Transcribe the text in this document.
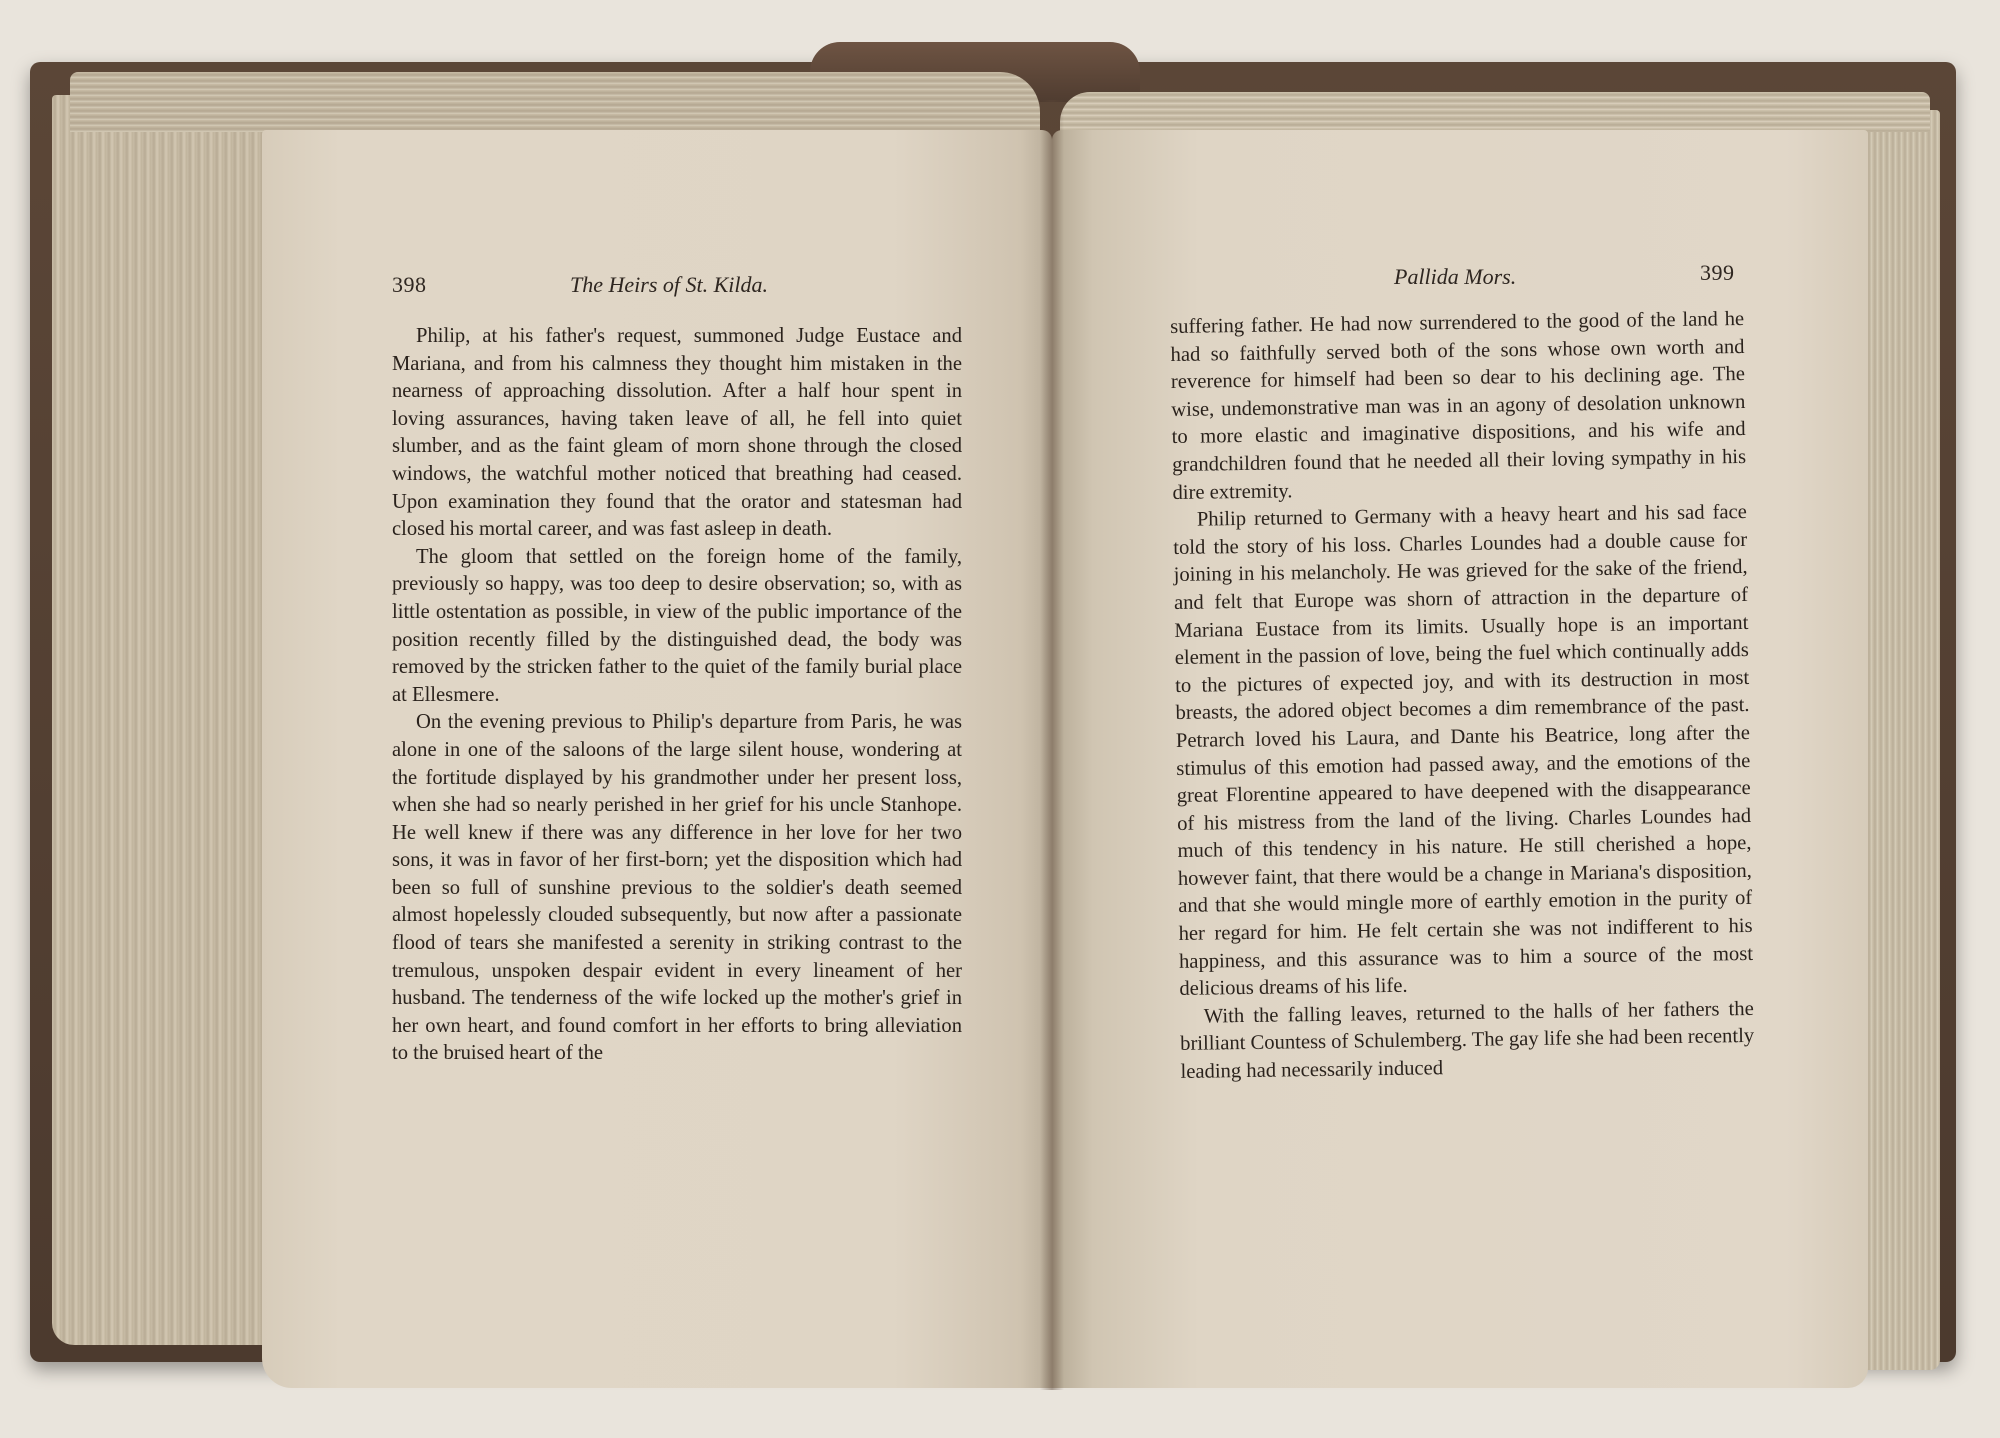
398	The Heirs of St. Kilda.	Pallida Mors.	399

Philip, at his father's request, summoned Judge Eustace and Mariana, and from his calmness they thought him mistaken in the nearness of approaching dissolution. After a half hour spent in loving assurances, having taken leave of all, he fell into quiet slumber, and as the faint gleam of morn shone through the closed windows, the watchful mother noticed that breathing had ceased. Upon examination they found that the orator and statesman had closed his mortal career, and was fast asleep in death.

The gloom that settled on the foreign home of the family, previously so happy, was too deep to desire observation; so, with as little ostentation as possible, in view of the public importance of the position recently filled by the distinguished dead, the body was removed by the stricken father to the quiet of the family burial place at Ellesmere.

On the evening previous to Philip's departure from Paris, he was alone in one of the saloons of the large silent house, wondering at the fortitude displayed by his grandmother under her present loss, when she had so nearly perished in her grief for his uncle Stanhope. He well knew if there was any difference in her love for her two sons, it was in favor of her first-born; yet the disposition which had been so full of sunshine previous to the soldier's death seemed almost hopelessly clouded subsequently, but now after a passionate flood of tears she manifested a serenity in striking contrast to the tremulous, unspoken despair evident in every lineament of her husband. The tenderness of the wife locked up the mother's grief in her own heart, and found comfort in her efforts to bring alleviation to the bruised heart of the

suffering father. He had now surrendered to the good of the land he had so faithfully served both of the sons whose own worth and reverence for himself had been so dear to his declining age. The wise, undemonstrative man was in an agony of desolation unknown to more elastic and imaginative dispositions, and his wife and grandchildren found that he needed all their loving sympathy in his dire extremity.

Philip returned to Germany with a heavy heart and his sad face told the story of his loss. Charles Loundes had a double cause for joining in his melancholy. He was grieved for the sake of the friend, and felt that Europe was shorn of attraction in the departure of Mariana Eustace from its limits. Usually hope is an important element in the passion of love, being the fuel which continually adds to the pictures of expected joy, and with its destruction in most breasts, the adored object becomes a dim remembrance of the past. Petrarch loved his Laura, and Dante his Beatrice, long after the stimulus of this emotion had passed away, and the emotions of the great Florentine appeared to have deepened with the disappearance of his mistress from the land of the living. Charles Loundes had much of this tendency in his nature. He still cherished a hope, however faint, that there would be a change in Mariana's disposition, and that she would mingle more of earthly emotion in the purity of her regard for him. He felt certain she was not indifferent to his happiness, and this assurance was to him a source of the most delicious dreams of his life.

With the falling leaves, returned to the halls of her fathers the brilliant Countess of Schulemberg. The gay life she had been recently leading had necessarily induced
